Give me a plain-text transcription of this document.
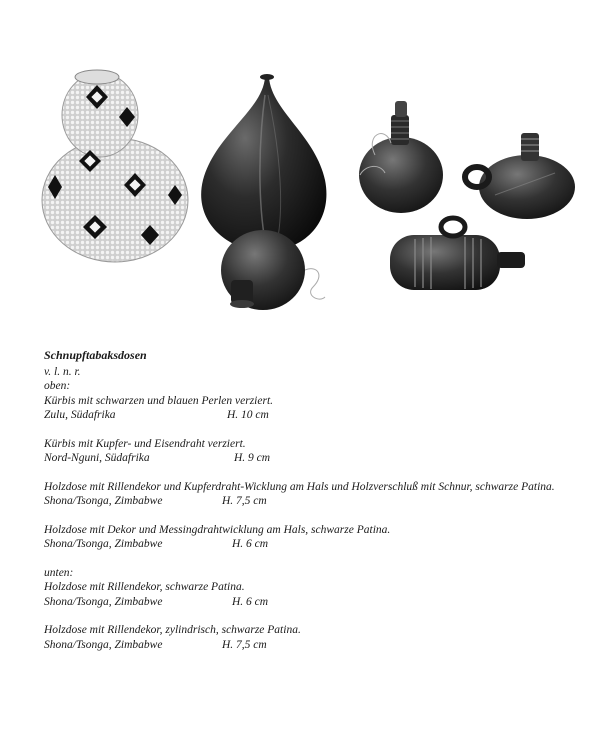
Schnupftabaksdosen
v. l. n. r.
oben:
Kürbis mit schwarzen und blauen Perlen verziert.
Zulu, Südafrika	H. 10 cm
Kürbis mit Kupfer- und Eisendraht verziert.
Nord-Nguni, Südafrika	H. 9 cm
Holzdose mit Rillendekor und Kupferdraht-Wicklung am Hals und Holzverschluß mit Schnur, schwarze Patina.
Shona/Tsonga, Zimbabwe	H. 7,5 cm
Holzdose mit Dekor und Messingdrahtwicklung am Hals, schwarze Patina.
Shona/Tsonga, Zimbabwe	H. 6 cm
unten:
Holzdose mit Rillendekor, schwarze Patina.
Shona/Tsonga, Zimbabwe	H. 6 cm
Holzdose mit Rillendekor, zylindrisch, schwarze Patina.
Shona/Tsonga, Zimbabwe	H. 7,5 cm
